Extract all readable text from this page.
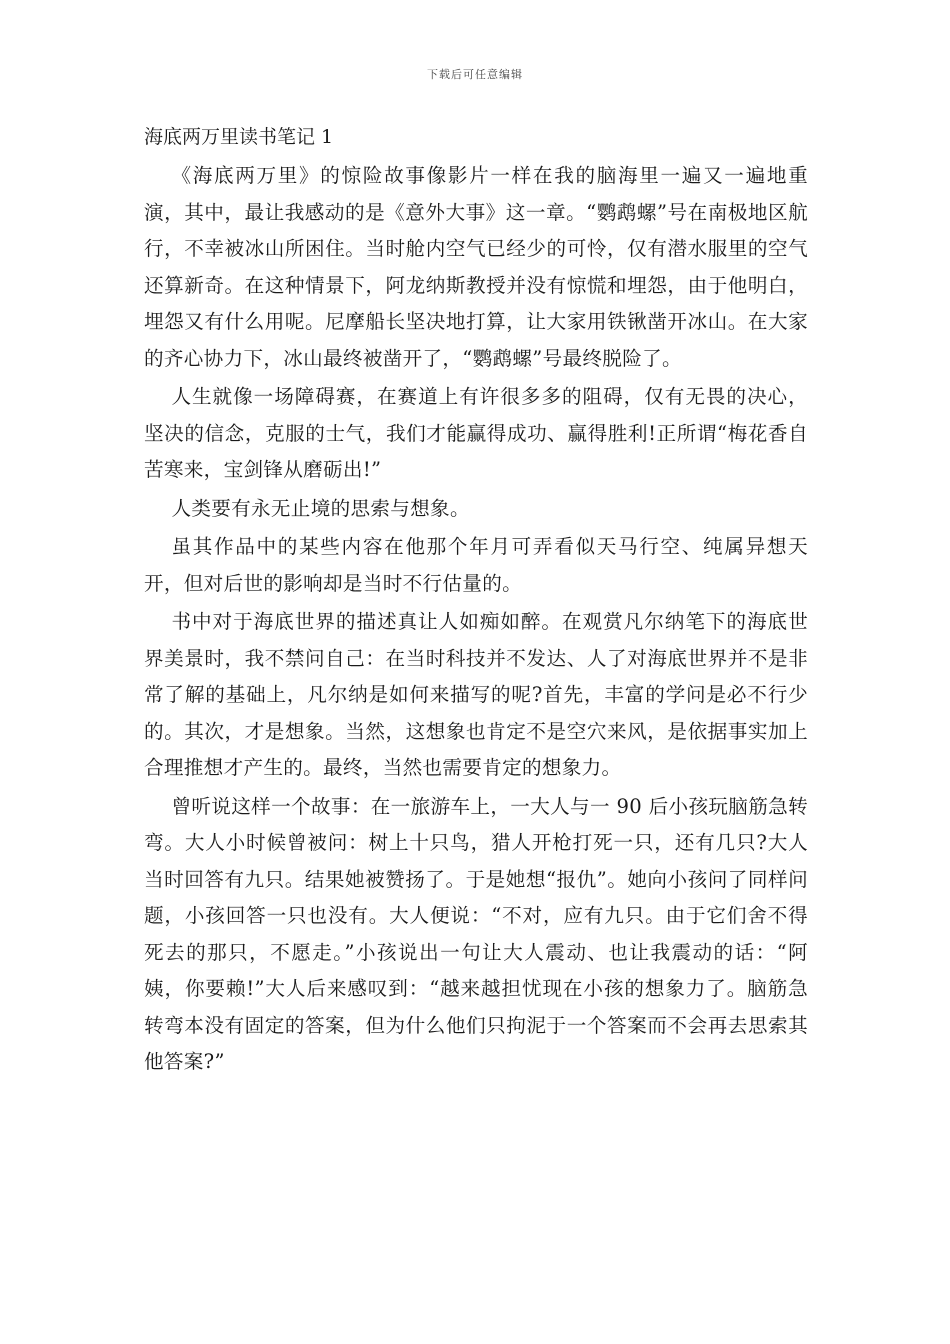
下载后可任意编辑
海底两万里读书笔记 1

《海底两万里》的惊险故事像影片一样在我的脑海里一遍又一遍地重演，其中，最让我感动的是《意外大事》这一章。“鹦鹉螺”号在南极地区航行，不幸被冰山所困住。当时舱内空气已经少的可怜，仅有潜水服里的空气还算新奇。在这种情景下，阿龙纳斯教授并没有惊慌和埋怨，由于他明白，埋怨又有什么用呢。尼摩船长坚决地打算，让大家用铁锹凿开冰山。在大家的齐心协力下，冰山最终被凿开了，“鹦鹉螺”号最终脱险了。

人生就像一场障碍赛，在赛道上有许很多多的阻碍，仅有无畏的决心，坚决的信念，克服的士气，我们才能赢得成功、赢得胜利!正所谓“梅花香自苦寒来，宝剑锋从磨砺出!”

人类要有永无止境的思索与想象。

虽其作品中的某些内容在他那个年月可弄看似天马行空、纯属异想天开，但对后世的影响却是当时不行估量的。

书中对于海底世界的描述真让人如痴如醉。在观赏凡尔纳笔下的海底世界美景时，我不禁问自己：在当时科技并不发达、人了对海底世界并不是非常了解的基础上，凡尔纳是如何来描写的呢?首先，丰富的学问是必不行少的。其次，才是想象。当然，这想象也肯定不是空穴来风，是依据事实加上合理推想才产生的。最终，当然也需要肯定的想象力。

曾听说这样一个故事：在一旅游车上，一大人与一 90 后小孩玩脑筋急转弯。大人小时候曾被问：树上十只鸟，猎人开枪打死一只，还有几只?大人当时回答有九只。结果她被赞扬了。于是她想“报仇”。她向小孩问了同样问题，小孩回答一只也没有。大人便说：“不对，应有九只。由于它们舍不得死去的那只，不愿走。”小孩说出一句让大人震动、也让我震动的话：“阿姨，你要赖!”大人后来感叹到：“越来越担忧现在小孩的想象力了。脑筋急转弯本没有固定的答案，但为什么他们只拘泥于一个答案而不会再去思索其他答案?”
